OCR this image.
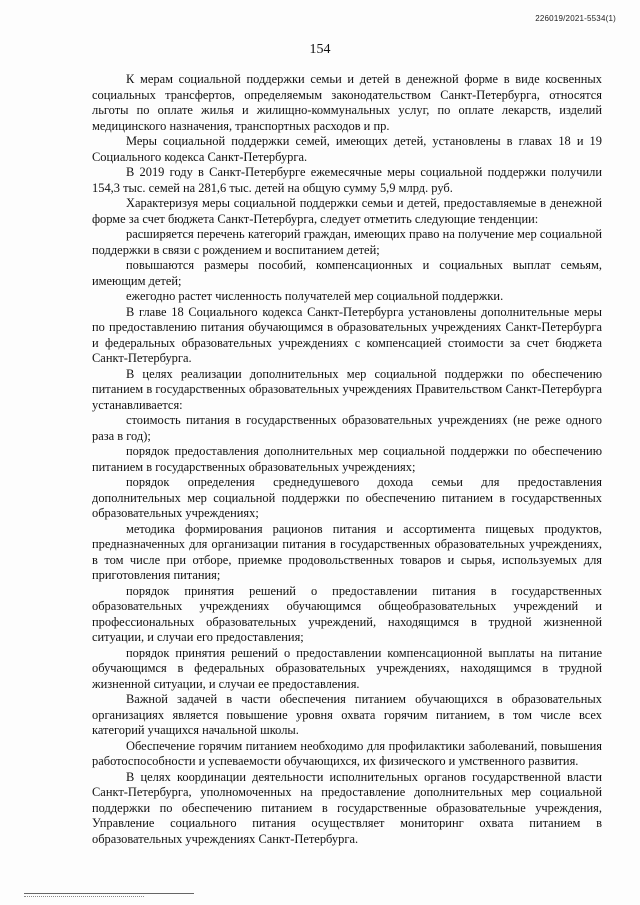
226019/2021-5534(1)
154

К мерам социальной поддержки семьи и детей в денежной форме в виде косвенных социальных трансфертов, определяемым законодательством Санкт-Петербурга, относятся льготы по оплате жилья и жилищно-коммунальных услуг, по оплате лекарств, изделий медицинского назначения, транспортных расходов и пр.

Меры социальной поддержки семей, имеющих детей, установлены в главах 18 и 19 Социального кодекса Санкт-Петербурга.

В 2019 году в Санкт-Петербурге ежемесячные меры социальной поддержки получили 154,3 тыс. семей на 281,6 тыс. детей на общую сумму 5,9 млрд. руб.

Характеризуя меры социальной поддержки семьи и детей, предоставляемые в денежной форме за счет бюджета Санкт-Петербурга, следует отметить следующие тенденции:

расширяется перечень категорий граждан, имеющих право на получение мер социальной поддержки в связи с рождением и воспитанием детей;

повышаются размеры пособий, компенсационных и социальных выплат семьям, имеющим детей;

ежегодно растет численность получателей мер социальной поддержки.

В главе 18 Социального кодекса Санкт-Петербурга установлены дополнительные меры по предоставлению питания обучающимся в образовательных учреждениях Санкт-Петербурга и федеральных образовательных учреждениях с компенсацией стоимости за счет бюджета Санкт-Петербурга.

В целях реализации дополнительных мер социальной поддержки по обеспечению питанием в государственных образовательных учреждениях Правительством Санкт-Петербурга устанавливается:

стоимость питания в государственных образовательных учреждениях (не реже одного раза в год);

порядок предоставления дополнительных мер социальной поддержки по обеспечению питанием в государственных образовательных учреждениях;

порядок определения среднедушевого дохода семьи для предоставления дополнительных мер социальной поддержки по обеспечению питанием в государственных образовательных учреждениях;

методика формирования рационов питания и ассортимента пищевых продуктов, предназначенных для организации питания в государственных образовательных учреждениях, в том числе при отборе, приемке продовольственных товаров и сырья, используемых для приготовления питания;

порядок принятия решений о предоставлении питания в государственных образовательных учреждениях обучающимся общеобразовательных учреждений и профессиональных образовательных учреждений, находящимся в трудной жизненной ситуации, и случаи его предоставления;

порядок принятия решений о предоставлении компенсационной выплаты на питание обучающимся в федеральных образовательных учреждениях, находящимся в трудной жизненной ситуации, и случаи ее предоставления.

Важной задачей в части обеспечения питанием обучающихся в образовательных организациях является повышение уровня охвата горячим питанием, в том числе всех категорий учащихся начальной школы.

Обеспечение горячим питанием необходимо для профилактики заболеваний, повышения работоспособности и успеваемости обучающихся, их физического и умственного развития.

В целях координации деятельности исполнительных органов государственной власти Санкт-Петербурга, уполномоченных на предоставление дополнительных мер социальной поддержки по обеспечению питанием в государственные образовательные учреждения, Управление социального питания осуществляет мониторинг охвата питанием в образовательных учреждениях Санкт-Петербурга.
